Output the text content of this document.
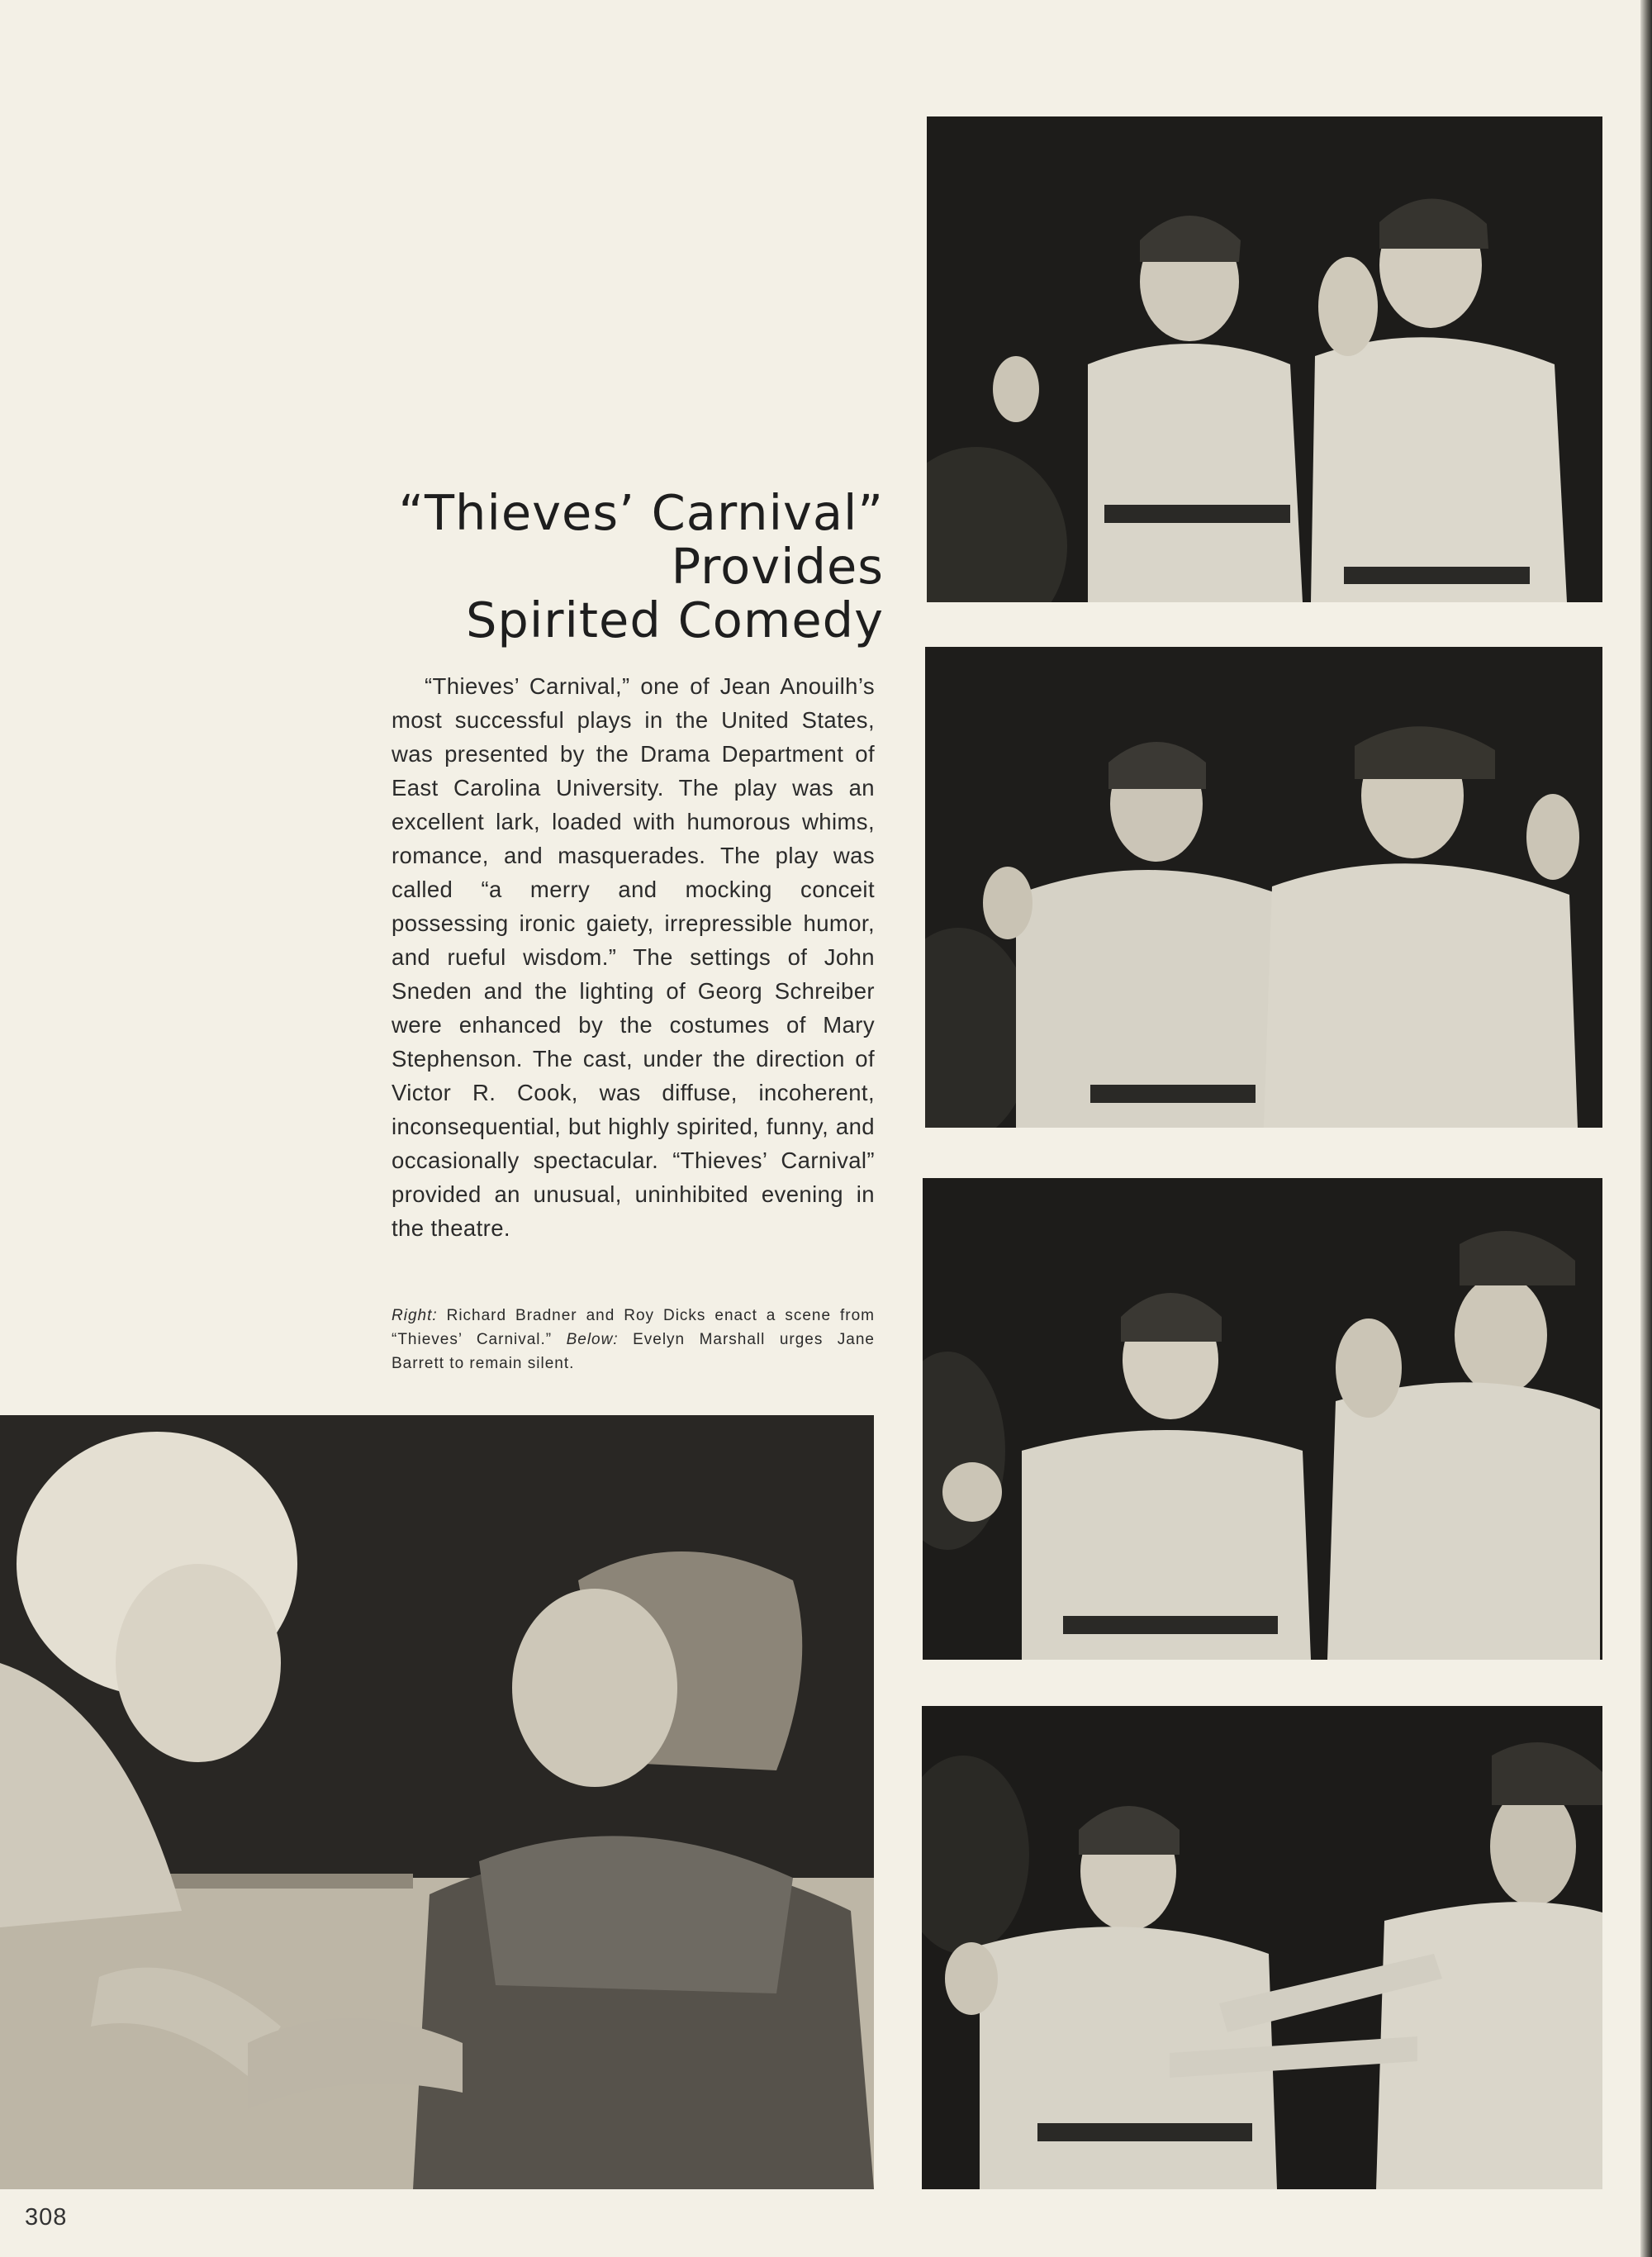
“Thieves’ Carnival”
Provides
Spirited Comedy

“Thieves’ Carnival,” one of Jean Anouilh’s most successful plays in the United States, was presented by the Drama Department of East Carolina University. The play was an excellent lark, loaded with humorous whims, romance, and masquerades. The play was called “a merry and mocking conceit possessing ironic gaiety, irrepressible humor, and rueful wisdom.” The settings of John Sneden and the lighting of Georg Schreiber were enhanced by the costumes of Mary Stephenson. The cast, under the direction of Victor R. Cook, was diffuse, incoherent, inconsequential, but highly spirited, funny, and occasionally spectacular. “Thieves’ Carnival” provided an unusual, uninhibited evening in the theatre.

Right: Richard Bradner and Roy Dicks enact a scene from “Thieves’ Carnival.” Below: Evelyn Marshall urges Jane Barrett to remain silent.

308
